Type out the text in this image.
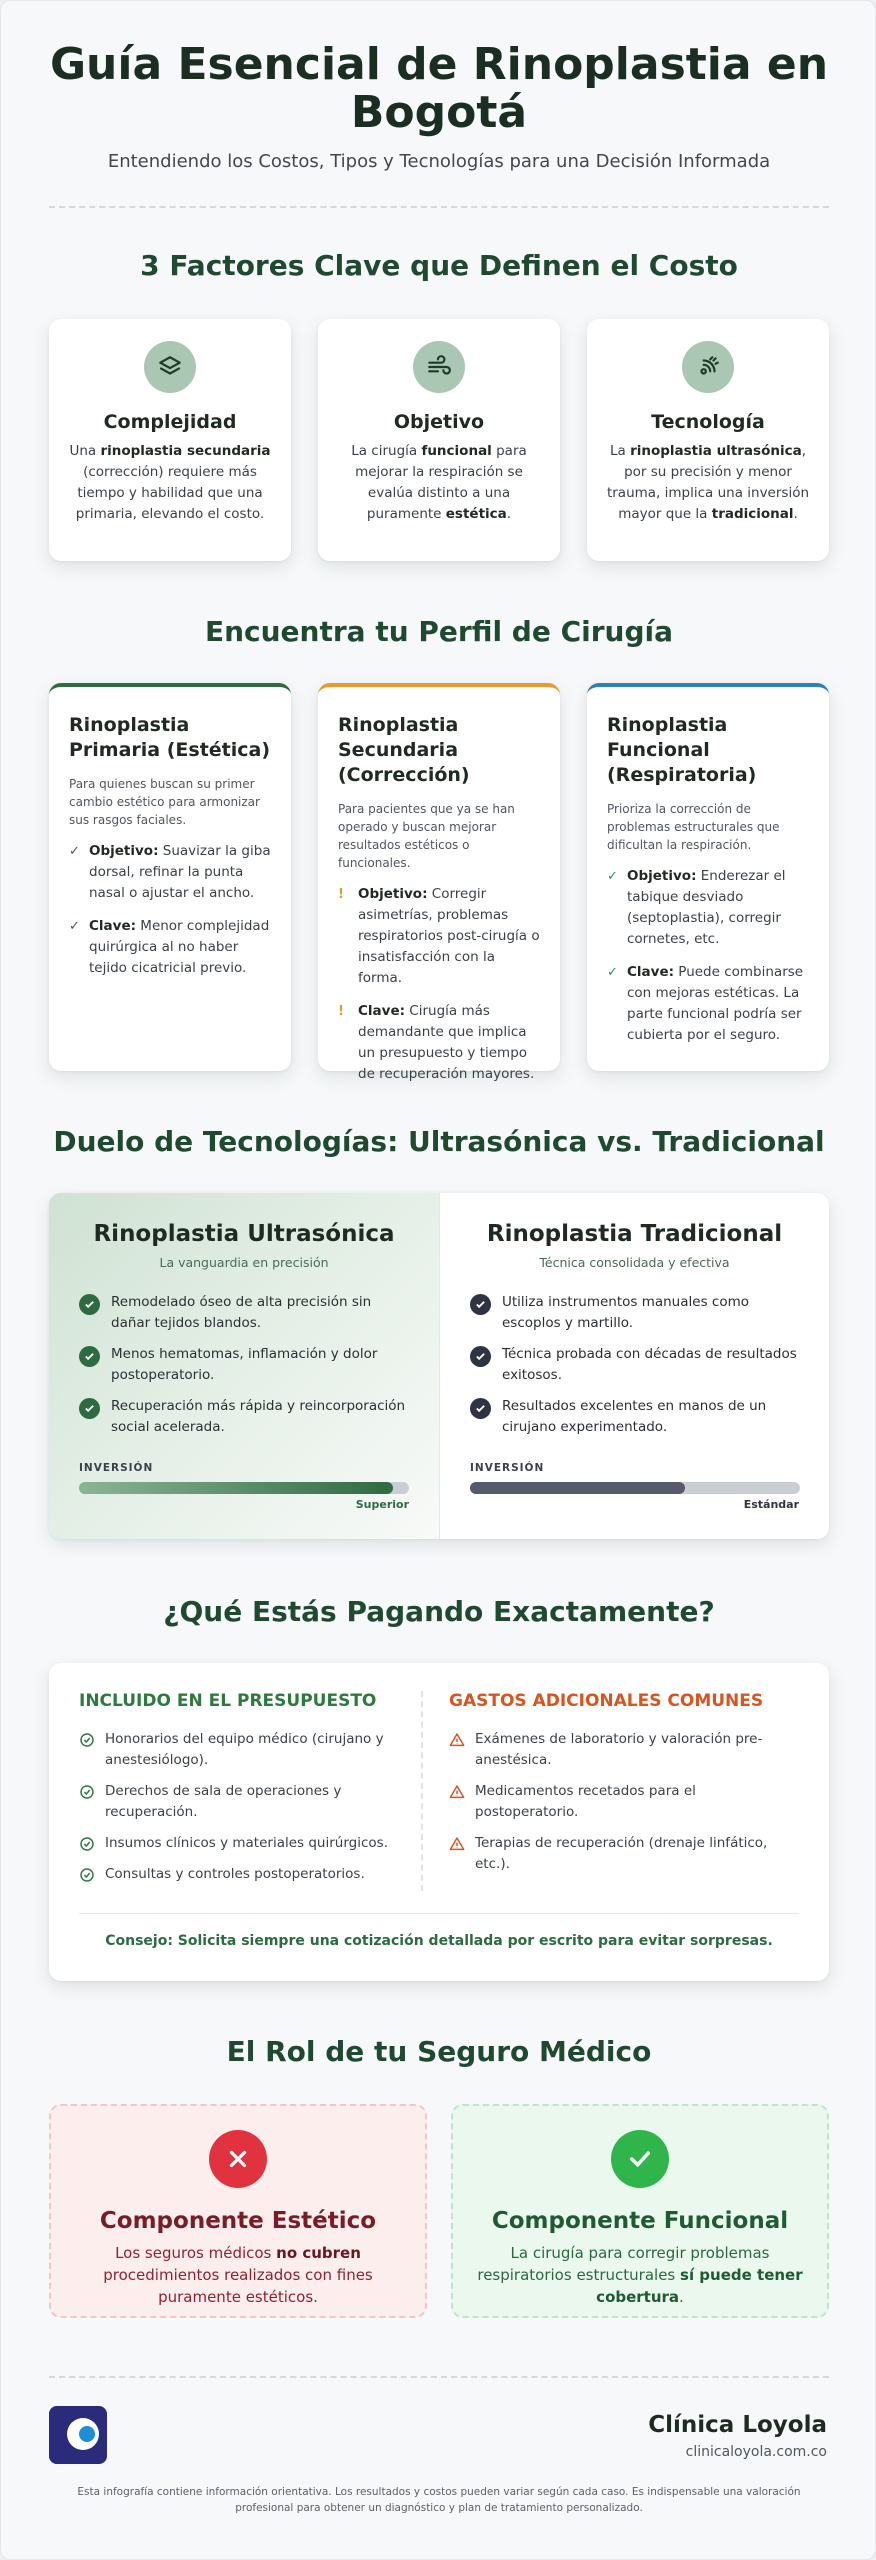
Guía Esencial de Rinoplastia en
Bogotá

Entendiendo los Costos, Tipos y Tecnologías para una Decisión Informada

3 Factores Clave que Definen el Costo
Complejidad

Una rinoplastia secundaria (corrección) requiere más tiempo y habilidad que una primaria, elevando el costo.

Objetivo

La cirugía funcional para mejorar la respiración se evalúa distinto a una puramente estética.

Tecnología

La rinoplastia ultrasónica, por su precisión y menor trauma, implica una inversión mayor que la tradicional.

Encuentra tu Perfil de Cirugía
Rinoplastia Primaria (Estética)

Para quienes buscan su primer cambio estético para armonizar sus rasgos faciales.

✓ Objetivo: Suavizar la giba dorsal, refinar la punta nasal o ajustar el ancho.
✓ Clave: Menor complejidad quirúrgica al no haber tejido cicatricial previo.
Rinoplastia Secundaria (Corrección)

Para pacientes que ya se han operado y buscan mejorar resultados estéticos o funcionales.

! Objetivo: Corregir asimetrías, problemas respiratorios post-cirugía o insatisfacción con la forma.
! Clave: Cirugía más demandante que implica un presupuesto y tiempo de recuperación mayores.
Rinoplastia Funcional (Respiratoria)

Prioriza la corrección de problemas estructurales que dificultan la respiración.

✓ Objetivo: Enderezar el tabique desviado (septoplastia), corregir cornetes, etc.
✓ Clave: Puede combinarse con mejoras estéticas. La parte funcional podría ser cubierta por el seguro.
Duelo de Tecnologías: Ultrasónica vs. Tradicional
Rinoplastia Ultrasónica

La vanguardia en precisión

Remodelado óseo de alta precisión sin dañar tejidos blandos.
Menos hematomas, inflamación y dolor postoperatorio.
Recuperación más rápida y reincorporación social acelerada.
INVERSIÓN
Superior
Rinoplastia Tradicional

Técnica consolidada y efectiva

Utiliza instrumentos manuales como escoplos y martillo.
Técnica probada con décadas de resultados exitosos.
Resultados excelentes en manos de un cirujano experimentado.
INVERSIÓN
Estándar
¿Qué Estás Pagando Exactamente?
INCLUIDO EN EL PRESUPUESTO
Honorarios del equipo médico (cirujano y anestesiólogo).
Derechos de sala de operaciones y recuperación.
Insumos clínicos y materiales quirúrgicos.
Consultas y controles postoperatorios.
GASTOS ADICIONALES COMUNES
Exámenes de laboratorio y valoración pre-anestésica.
Medicamentos recetados para el postoperatorio.
Terapias de recuperación (drenaje linfático, etc.).
Consejo: Solicita siempre una cotización detallada por escrito para evitar sorpresas.
El Rol de tu Seguro Médico
Componente Estético

Los seguros médicos no cubren procedimientos realizados con fines puramente estéticos.

Componente Funcional

La cirugía para corregir problemas respiratorios estructurales sí puede tener cobertura.

Clínica Loyola
clinicaloyola.com.co

Esta infografía contiene información orientativa. Los resultados y costos pueden variar según cada caso. Es indispensable una valoración profesional para obtener un diagnóstico y plan de tratamiento personalizado.
